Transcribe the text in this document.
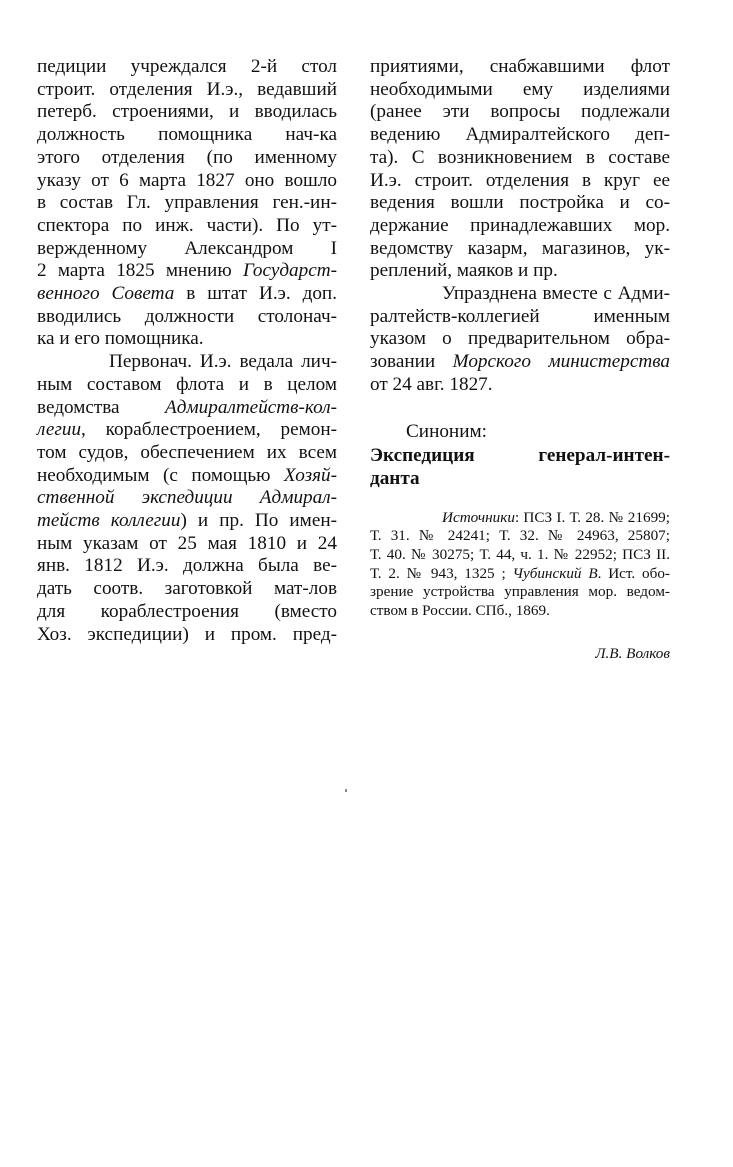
педиции учреждался 2-й стол
строит. отделения И.э., ведавший
петерб. строениями, и вводилась
должность помощника нач-ка
этого отделения (по именному
указу от 6 марта 1827 оно вошло
в состав Гл. управления ген.-ин-
спектора по инж. части). По ут-
вержденному Александром I
2 марта 1825 мнению Государст-
венного Совета в штат И.э. доп.
вводились должности столонач-
ка и его помощника.
Первонач. И.э. ведала лич-
ным составом флота и в целом
ведомства Адмиралтейств-кол-
легии, кораблестроением, ремон-
том судов, обеспечением их всем
необходимым (с помощью Хозяй-
ственной экспедиции Адмирал-
тейств коллегии) и пр. По имен-
ным указам от 25 мая 1810 и 24
янв. 1812 И.э. должна была ве-
дать соотв. заготовкой мат-лов
для кораблестроения (вместо
Хоз. экспедиции) и пром. пред-
приятиями, снабжавшими флот
необходимыми ему изделиями
(ранее эти вопросы подлежали
ведению Адмиралтейского деп-
та). С возникновением в составе
И.э. строит. отделения в круг ее
ведения вошли постройка и со-
держание принадлежавших мор.
ведомству казарм, магазинов, ук-
реплений, маяков и пр.
Упразднена вместе с Адми-
ралтейств-коллегией именным
указом о предварительном обра-
зовании Морского министерства
от 24 авг. 1827.
Синоним:
Экспедиция генерал-интен-
данта
Источники: ПСЗ I. Т. 28. № 21699;
Т. 31. № 24241; Т. 32. № 24963, 25807;
Т. 40. № 30275; Т. 44, ч. 1. № 22952; ПСЗ II.
Т. 2. № 943, 1325 ; Чубинский В. Ист. обо-
зрение устройства управления мор. ведом-
ством в России. СПб., 1869.
Л.В. Волков
